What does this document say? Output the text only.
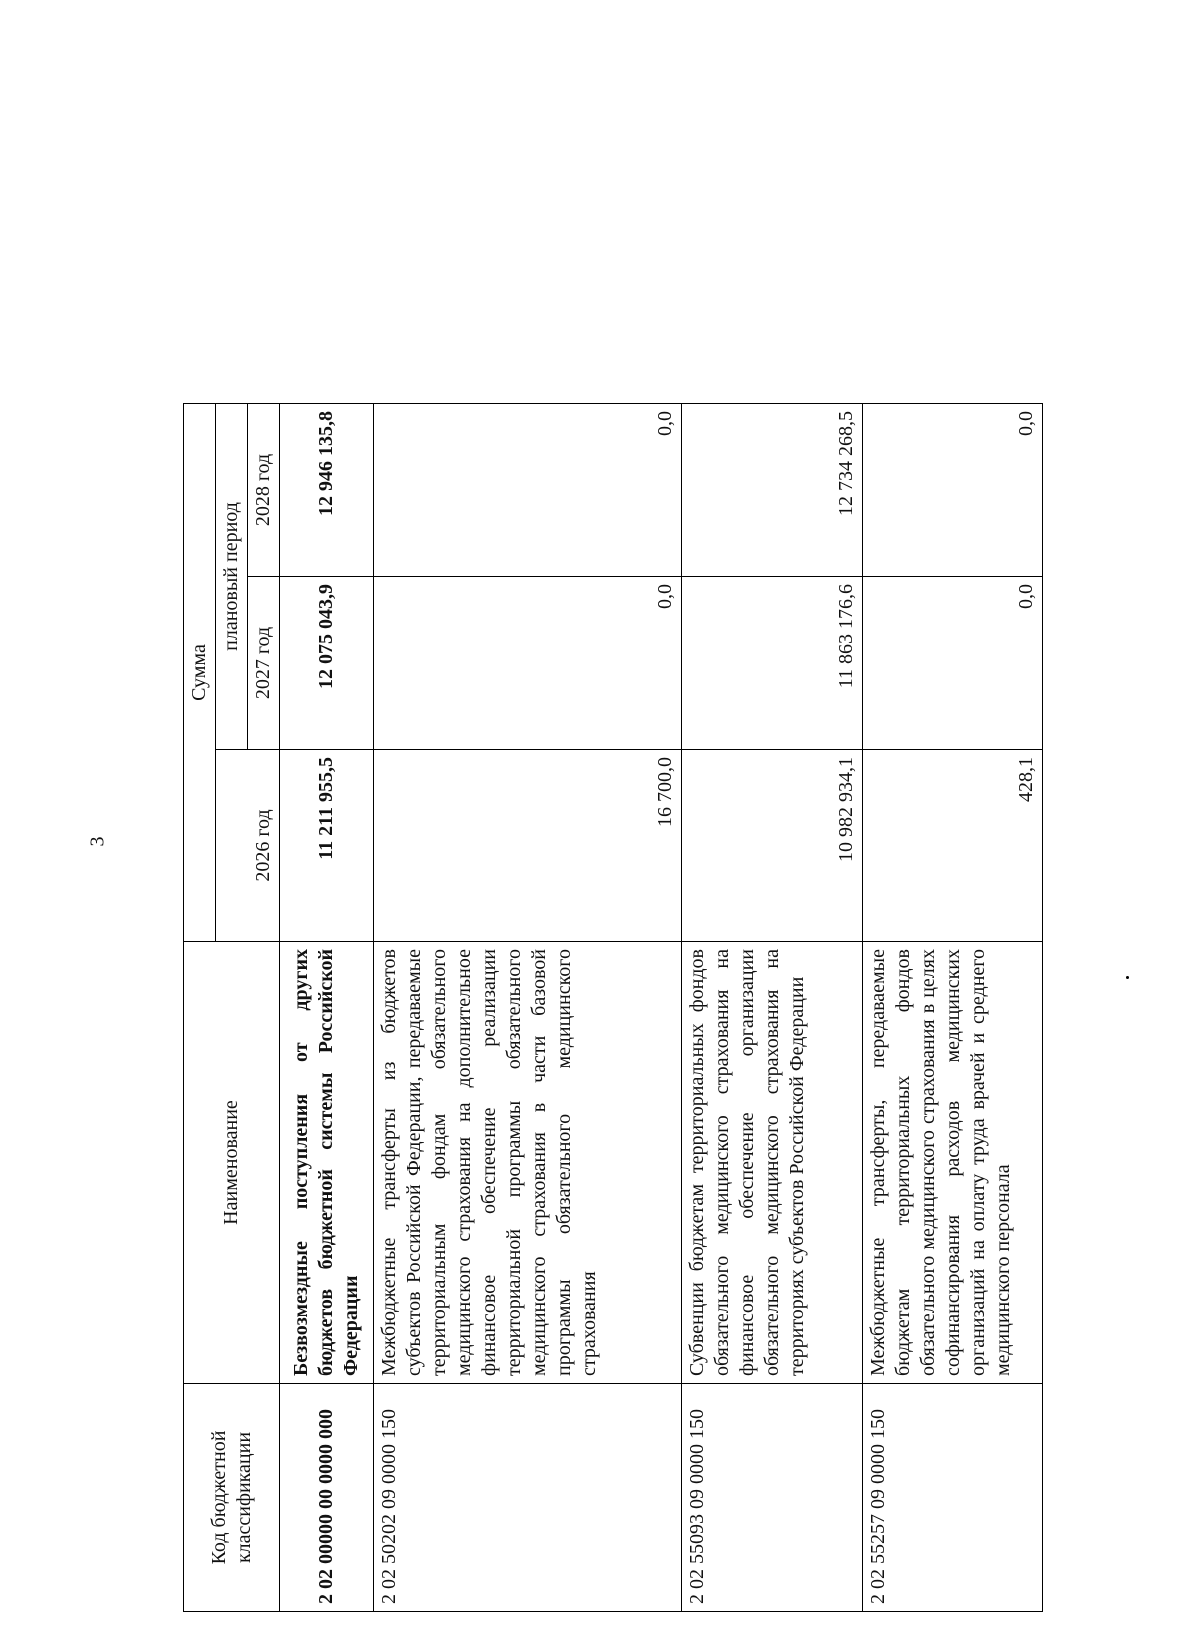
3
Код бюджетной классификации	Наименование	Сумма			
		2026 год	плановый период		
			2027 год	2028 год	
2 02 00000 00 0000 000	Безвозмездные поступления от других бюджетов бюджетной системы Российской Федерации	11 211 955,5	12 075 043,9	12 946 135,8	
2 02 50202 09 0000 150	Межбюджетные трансферты из бюджетов субъектов Российской Федерации, передаваемые территориальным фондам обязательного медицинского страхования на дополнительное финансовое обеспечение реализации территориальной программы обязательного медицинского страхования в части базовой программы обязательного медицинского страхования	16 700,0	0,0	0,0	
2 02 55093 09 0000 150	Субвенции бюджетам территориальных фондов обязательного медицинского страхования на финансовое обеспечение организации обязательного медицинского страхования на территориях субъектов Российской Федерации	10 982 934,1	11 863 176,6	12 734 268,5	
2 02 55257 09 0000 150	Межбюджетные трансферты, передаваемые бюджетам территориальных фондов обязательного медицинского страхования в целях софинансирования расходов медицинских организаций на оплату труда врачей и среднего медицинского персонала	428,1	0,0	0,0	
